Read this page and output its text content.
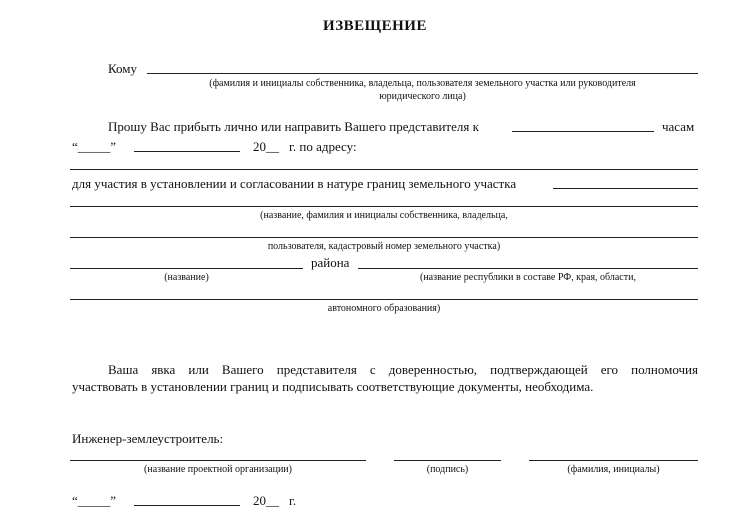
ИЗВЕЩЕНИЕ
Кому
(фамилия и инициалы собственника, владельца, пользователя земельного участка или руководителя
юридического лица)
Прошу Вас прибыть лично или направить Вашего представителя к	часам
“_____”	20__ г. по адресу:
для участия в установлении и согласовании в натуре границ земельного участка
(название, фамилия и инициалы собственника, владельца,
пользователя, кадастровый номер земельного участка)
района
(название)	(название республики в составе РФ, края, области,
автономного образования)
Ваша явка или Вашего представителя с доверенностью, подтверждающей его полномочия
участвовать в установлении границ и подписывать соответствующие документы, необходима.
Инженер-землеустроитель:
(название проектной организации)	(подпись)	(фамилия, инициалы)
“_____”	20__ г.
